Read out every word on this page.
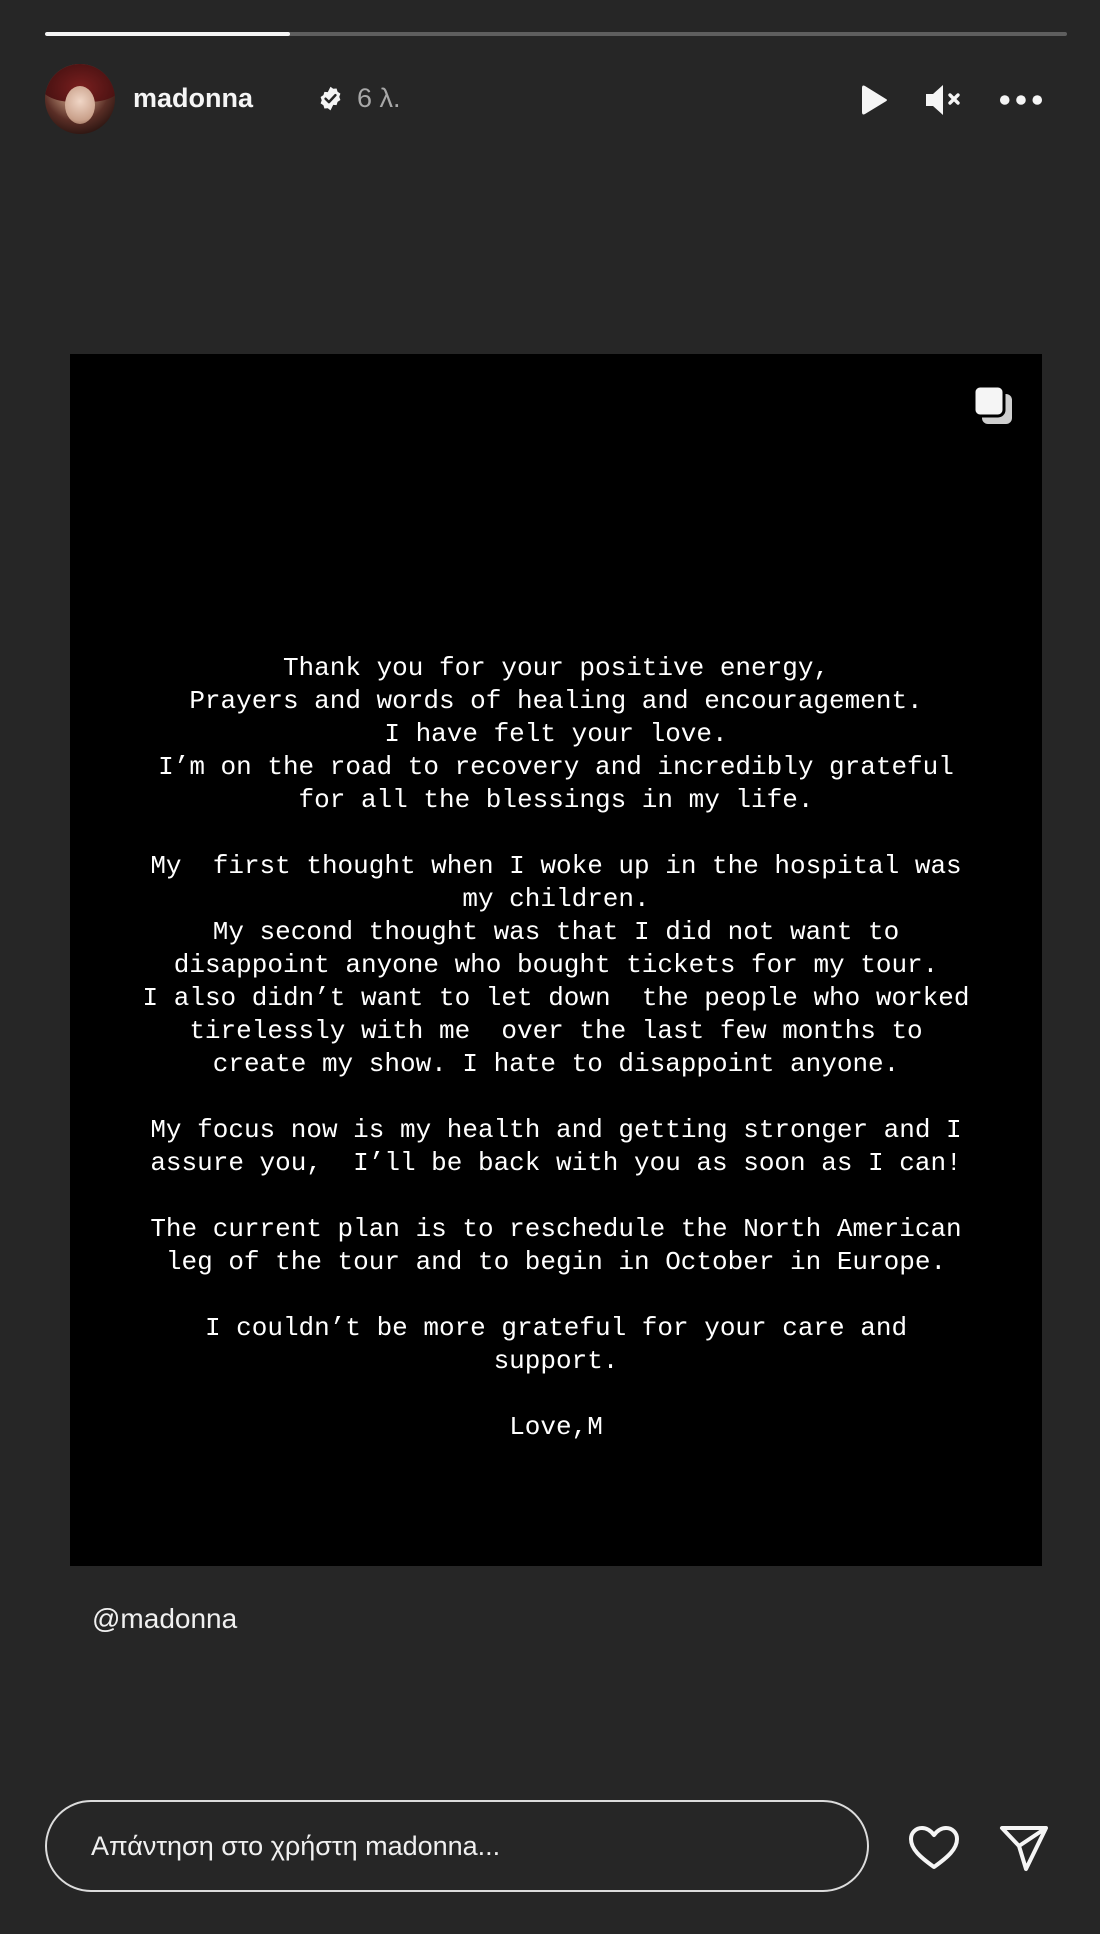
madonna	6 λ.
Thank you for your positive energy,
Prayers and words of healing and encouragement.
I have felt your love.
I’m on the road to recovery and incredibly grateful
for all the blessings in my life.
My  first thought when I woke up in the hospital was
my children.
My second thought was that I did not want to
disappoint anyone who bought tickets for my tour.
I also didn’t want to let down  the people who worked
tirelessly with me  over the last few months to
create my show. I hate to disappoint anyone.
My focus now is my health and getting stronger and I
assure you,  I’ll be back with you as soon as I can!
The current plan is to reschedule the North American
leg of the tour and to begin in October in Europe.
I couldn’t be more grateful for your care and
support.
Love,M
@madonna
Απάντηση στο χρήστη madonna...
